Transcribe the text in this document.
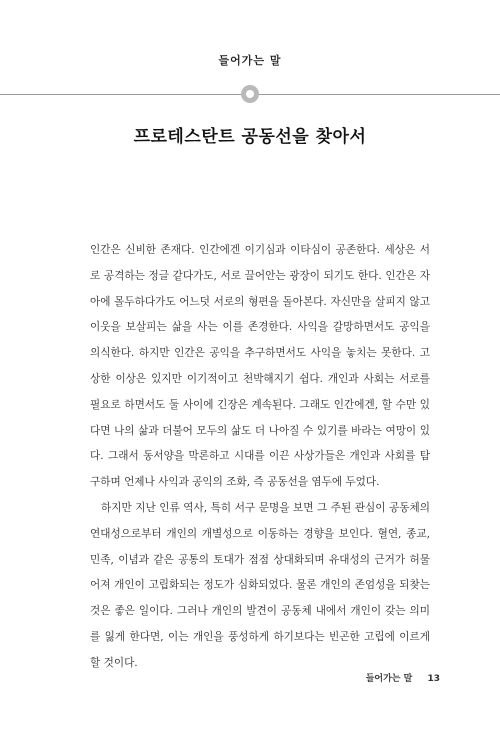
들어가는 말
프로테스탄트 공동선을 찾아서

인간은 신비한 존재다. 인간에겐 이기심과 이타심이 공존한다. 세상은 서로 공격하는 정글 같다가도, 서로 끌어안는 광장이 되기도 한다. 인간은 자아에 몰두하다가도 어느덧 서로의 형편을 돌아본다. 자신만을 살피지 않고 이웃을 보살피는 삶을 사는 이를 존경한다. 사익을 갈망하면서도 공익을 의식한다. 하지만 인간은 공익을 추구하면서도 사익을 놓치는 못한다. 고상한 이상은 있지만 이기적이고 천박해지기 쉽다. 개인과 사회는 서로를 필요로 하면서도 둘 사이에 긴장은 계속된다. 그래도 인간에겐, 할 수만 있다면 나의 삶과 더불어 모두의 삶도 더 나아질 수 있기를 바라는 여망이 있다. 그래서 동서양을 막론하고 시대를 이끈 사상가들은 개인과 사회를 탐구하며 언제나 사익과 공익의 조화, 즉 공동선을 염두에 두었다.

하지만 지난 인류 역사, 특히 서구 문명을 보면 그 주된 관심이 공동체의 연대성으로부터 개인의 개별성으로 이동하는 경향을 보인다. 혈연, 종교, 민족, 이념과 같은 공통의 토대가 점점 상대화되며 유대성의 근거가 허물어져 개인이 고립화되는 정도가 심화되었다. 물론 개인의 존엄성을 되찾는 것은 좋은 일이다. 그러나 개인의 발견이 공동체 내에서 개인이 갖는 의미를 잃게 한다면, 이는 개인을 풍성하게 하기보다는 빈곤한 고립에 이르게 할 것이다.

들어가는 말 13
